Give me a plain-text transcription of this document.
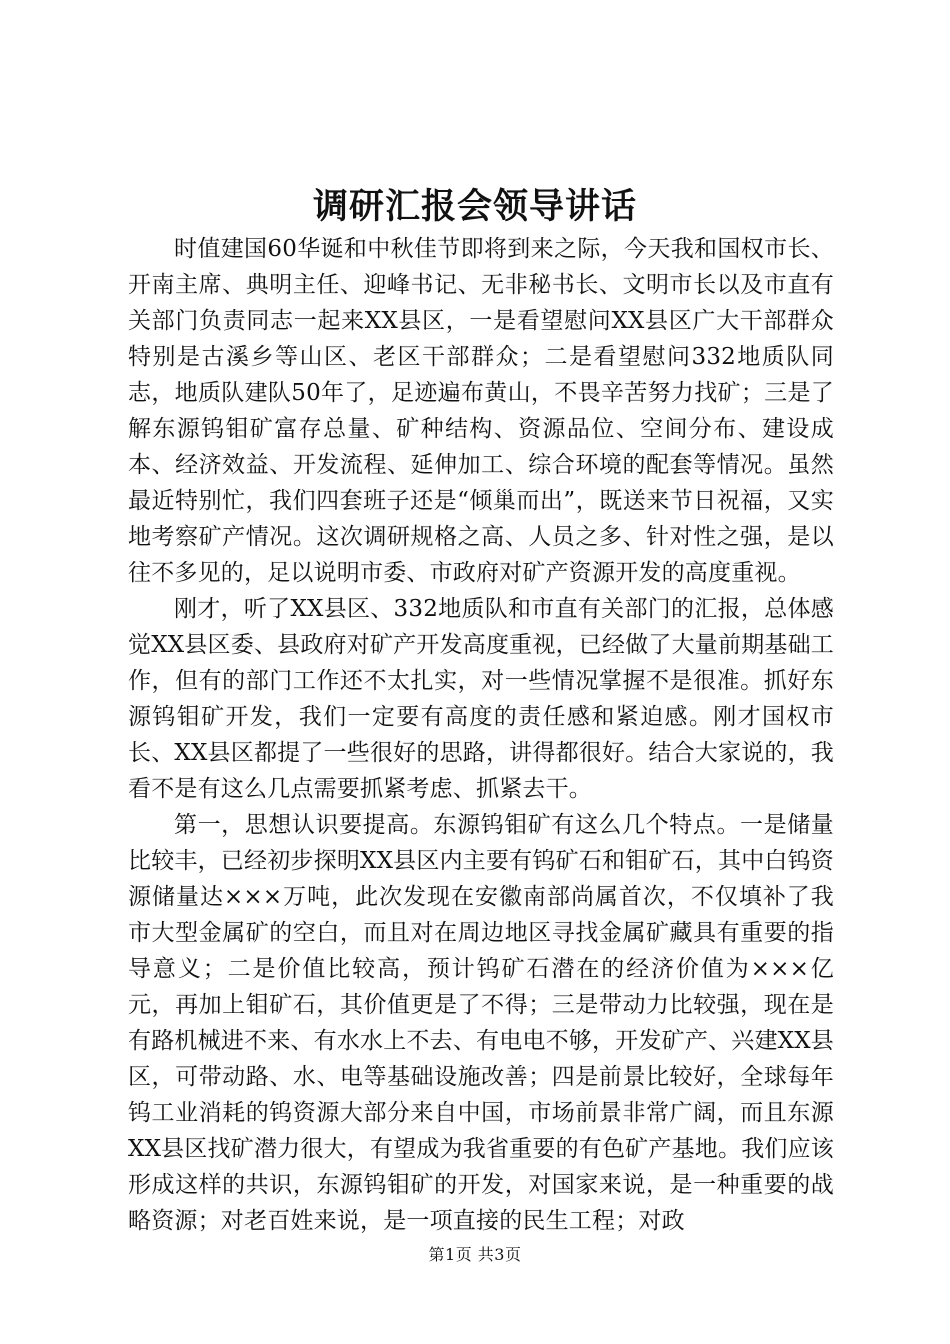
调研汇报会领导讲话

时值建国60华诞和中秋佳节即将到来之际，今天我和国权市长、开南主席、典明主任、迎峰书记、无非秘书长、文明市长以及市直有关部门负责同志一起来XX县区，一是看望慰问XX县区广大干部群众特别是古溪乡等山区、老区干部群众；二是看望慰问332地质队同志，地质队建队50年了，足迹遍布黄山，不畏辛苦努力找矿；三是了解东源钨钼矿富存总量、矿种结构、资源品位、空间分布、建设成本、经济效益、开发流程、延伸加工、综合环境的配套等情况。虽然最近特别忙，我们四套班子还是“倾巢而出”，既送来节日祝福，又实地考察矿产情况。这次调研规格之高、人员之多、针对性之强，是以往不多见的，足以说明市委、市政府对矿产资源开发的高度重视。

刚才，听了XX县区、332地质队和市直有关部门的汇报，总体感觉XX县区委、县政府对矿产开发高度重视，已经做了大量前期基础工作，但有的部门工作还不太扎实，对一些情况掌握不是很准。抓好东源钨钼矿开发，我们一定要有高度的责任感和紧迫感。刚才国权市长、XX县区都提了一些很好的思路，讲得都很好。结合大家说的，我看不是有这么几点需要抓紧考虑、抓紧去干。

第一，思想认识要提高。东源钨钼矿有这么几个特点。一是储量比较丰，已经初步探明XX县区内主要有钨矿石和钼矿石，其中白钨资源储量达×××万吨，此次发现在安徽南部尚属首次，不仅填补了我市大型金属矿的空白，而且对在周边地区寻找金属矿藏具有重要的指导意义；二是价值比较高，预计钨矿石潜在的经济价值为×××亿元，再加上钼矿石，其价值更是了不得；三是带动力比较强，现在是有路机械进不来、有水水上不去、有电电不够，开发矿产、兴建XX县区，可带动路、水、电等基础设施改善；四是前景比较好，全球每年钨工业消耗的钨资源大部分来自中国，市场前景非常广阔，而且东源XX县区找矿潜力很大，有望成为我省重要的有色矿产基地。我们应该形成这样的共识，东源钨钼矿的开发，对国家来说，是一种重要的战略资源；对老百姓来说，是一项直接的民生工程；对政

第1页 共3页
